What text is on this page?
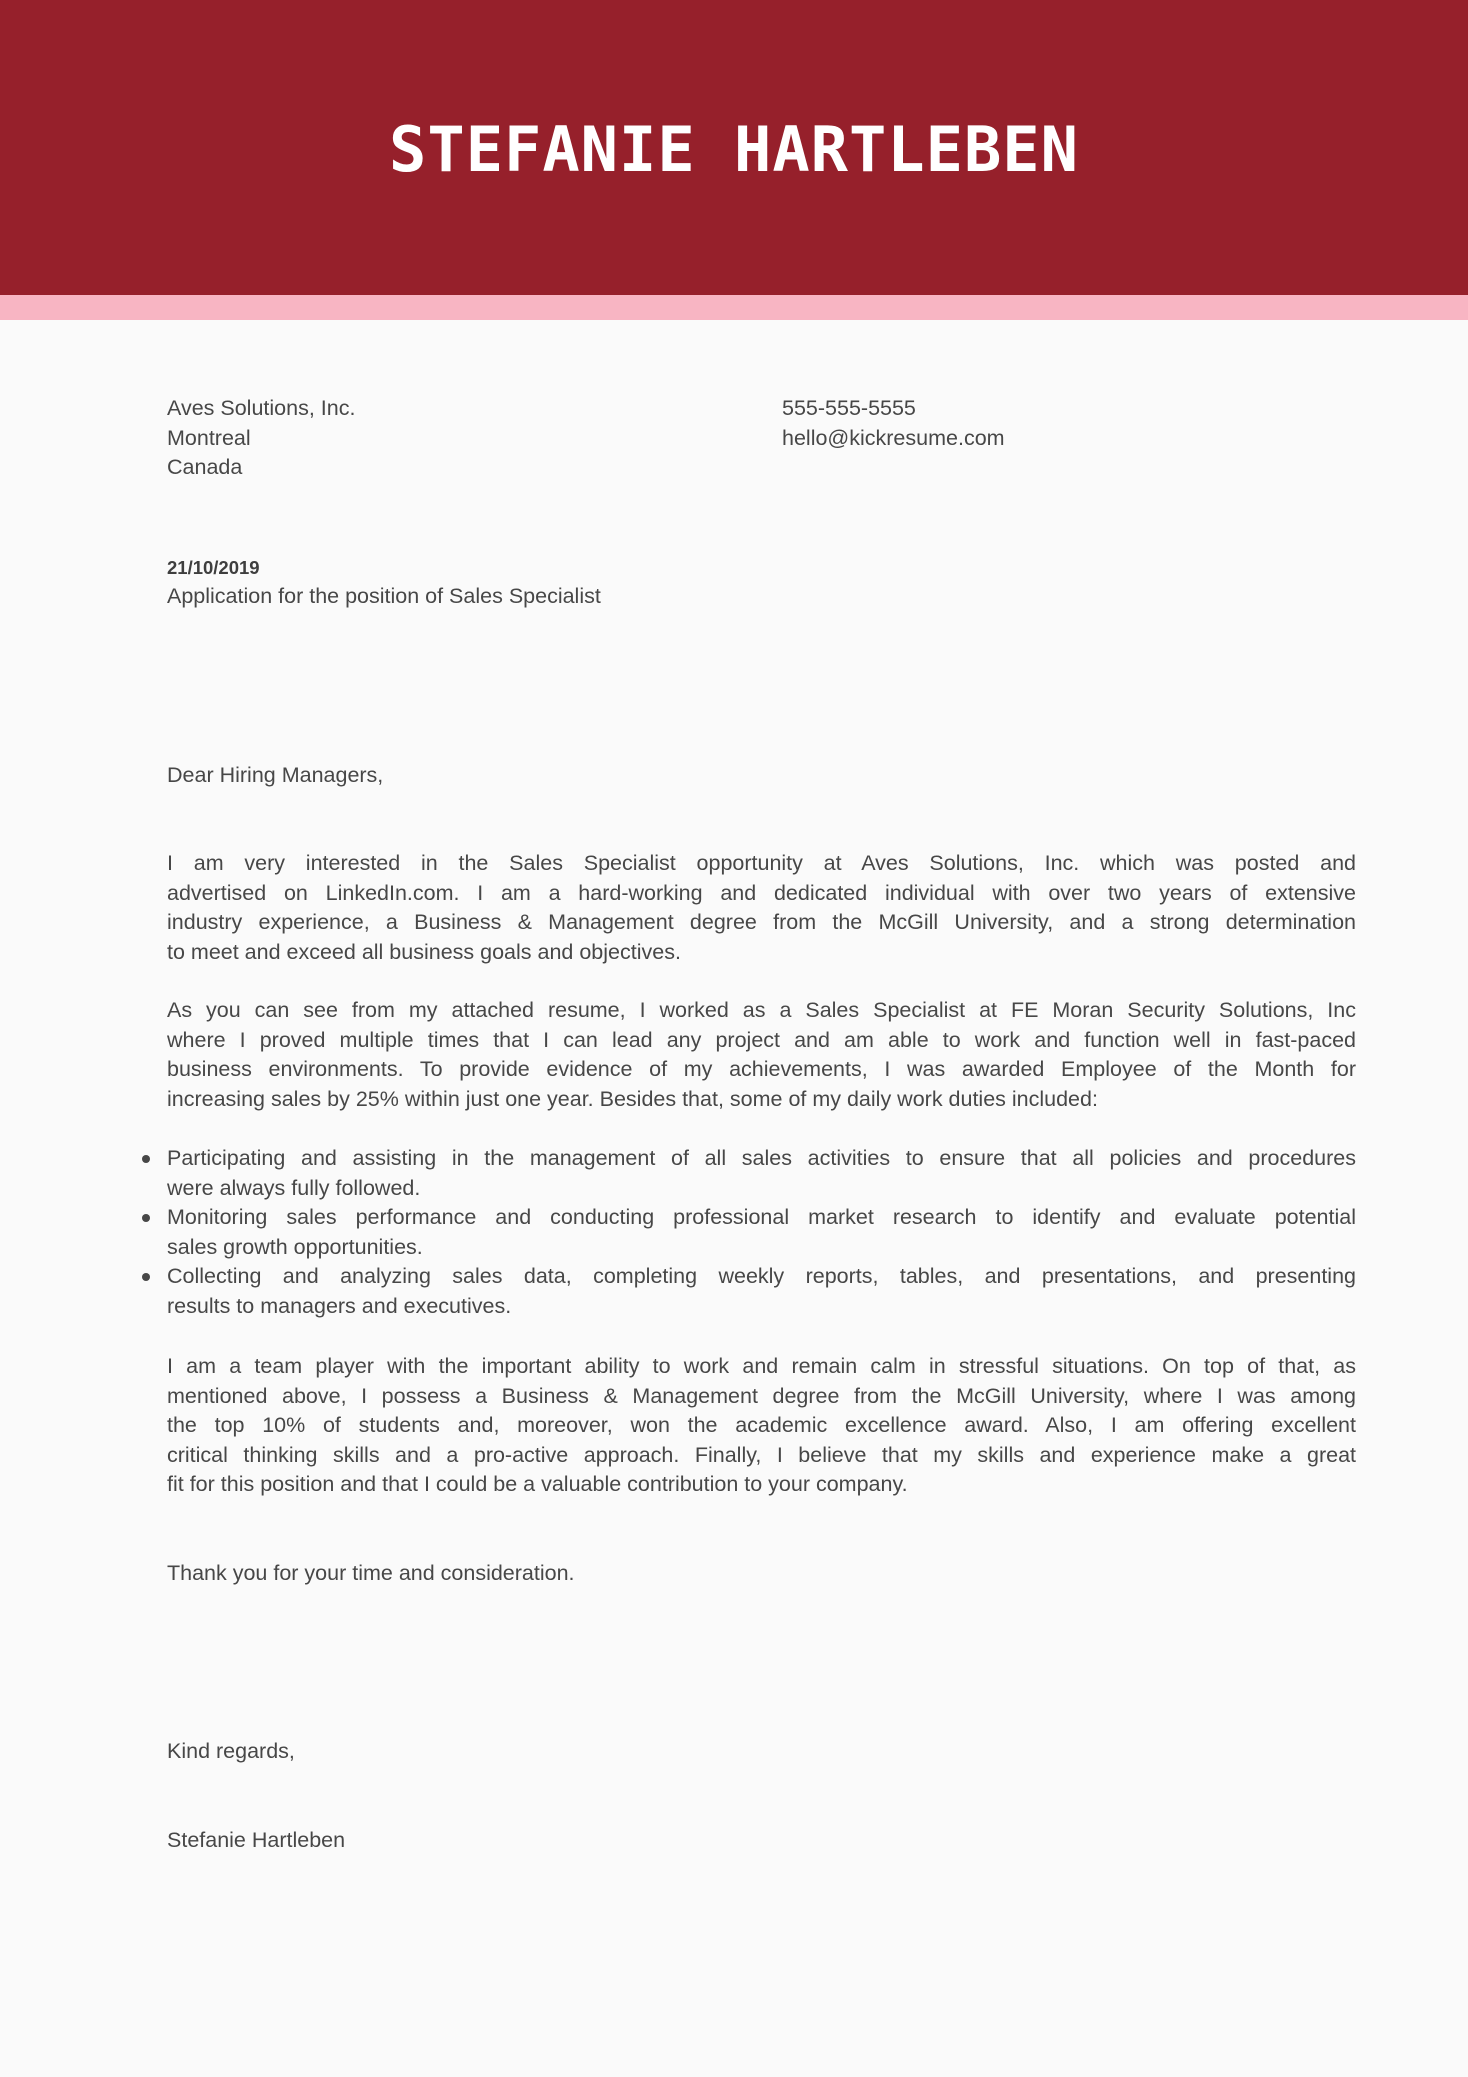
STEFANIE HARTLEBEN
Aves Solutions, Inc.
Montreal
Canada
555-555-5555
hello@kickresume.com
21/10/2019
Application for the position of Sales Specialist
Dear Hiring Managers,
I am very interested in the Sales Specialist opportunity at Aves Solutions, Inc. which was posted and
advertised on LinkedIn.com. I am a hard-working and dedicated individual with over two years of extensive
industry experience, a Business & Management degree from the McGill University, and a strong determination
to meet and exceed all business goals and objectives.
As you can see from my attached resume, I worked as a Sales Specialist at FE Moran Security Solutions, Inc
where I proved multiple times that I can lead any project and am able to work and function well in fast-paced
business environments. To provide evidence of my achievements, I was awarded Employee of the Month for
increasing sales by 25% within just one year. Besides that, some of my daily work duties included:
Participating and assisting in the management of all sales activities to ensure that all policies and procedures
were always fully followed.
Monitoring sales performance and conducting professional market research to identify and evaluate potential
sales growth opportunities.
Collecting and analyzing sales data, completing weekly reports, tables, and presentations, and presenting
results to managers and executives.
I am a team player with the important ability to work and remain calm in stressful situations. On top of that, as
mentioned above, I possess a Business & Management degree from the McGill University, where I was among
the top 10% of students and, moreover, won the academic excellence award. Also, I am offering excellent
critical thinking skills and a pro-active approach. Finally, I believe that my skills and experience make a great
fit for this position and that I could be a valuable contribution to your company.
Thank you for your time and consideration.
Kind regards,
Stefanie Hartleben
